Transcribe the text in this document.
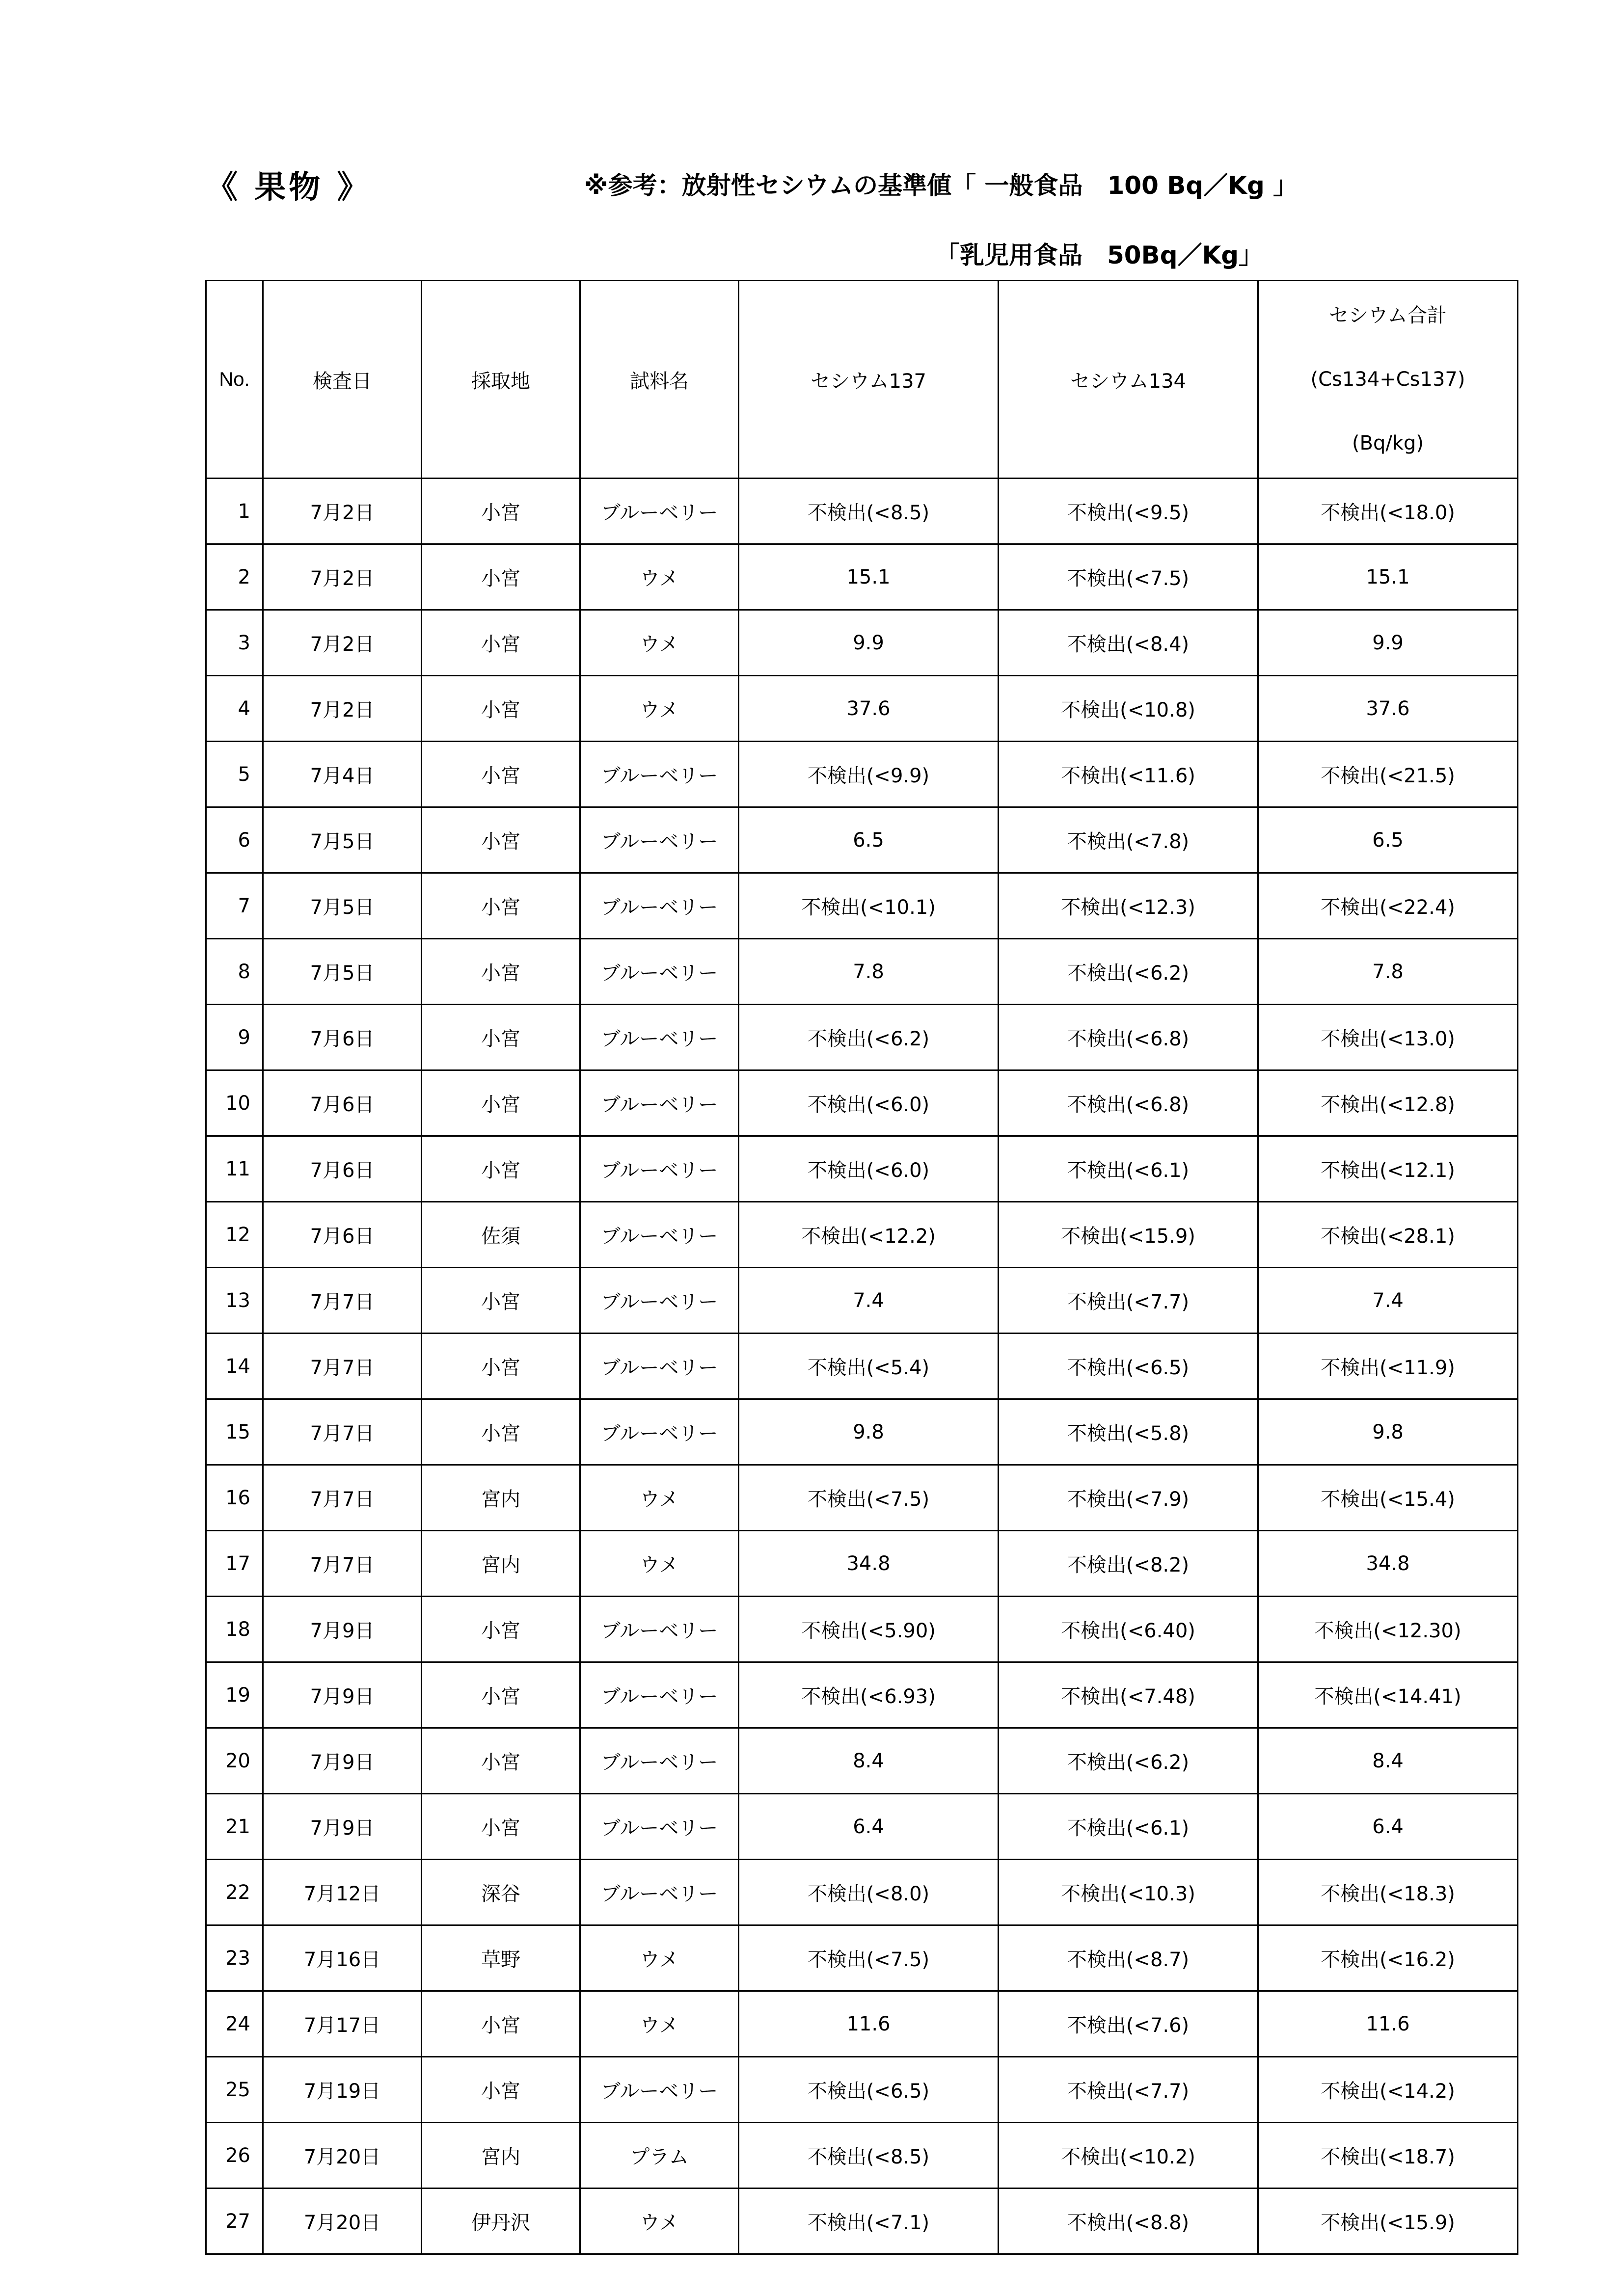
《 果物 》	※参考：放射性セシウムの基準値「 一般食品　100 Bq／Kg 」
「乳児用食品　50Bq／Kg」
No.	検査日	採取地	試料名	セシウム137	セシウム134	セシウム合計
(Cs134+Cs137)
(Bq/kg)

1	7月2日	小宮	ブルーベリー	不検出(<8.5)	不検出(<9.5)	不検出(<18.0)
2	7月2日	小宮	ウメ	15.1	不検出(<7.5)	15.1
3	7月2日	小宮	ウメ	9.9	不検出(<8.4)	9.9
4	7月2日	小宮	ウメ	37.6	不検出(<10.8)	37.6
5	7月4日	小宮	ブルーベリー	不検出(<9.9)	不検出(<11.6)	不検出(<21.5)
6	7月5日	小宮	ブルーベリー	6.5	不検出(<7.8)	6.5
7	7月5日	小宮	ブルーベリー	不検出(<10.1)	不検出(<12.3)	不検出(<22.4)
8	7月5日	小宮	ブルーベリー	7.8	不検出(<6.2)	7.8
9	7月6日	小宮	ブルーベリー	不検出(<6.2)	不検出(<6.8)	不検出(<13.0)
10	7月6日	小宮	ブルーベリー	不検出(<6.0)	不検出(<6.8)	不検出(<12.8)
11	7月6日	小宮	ブルーベリー	不検出(<6.0)	不検出(<6.1)	不検出(<12.1)
12	7月6日	佐須	ブルーベリー	不検出(<12.2)	不検出(<15.9)	不検出(<28.1)
13	7月7日	小宮	ブルーベリー	7.4	不検出(<7.7)	7.4
14	7月7日	小宮	ブルーベリー	不検出(<5.4)	不検出(<6.5)	不検出(<11.9)
15	7月7日	小宮	ブルーベリー	9.8	不検出(<5.8)	9.8
16	7月7日	宮内	ウメ	不検出(<7.5)	不検出(<7.9)	不検出(<15.4)
17	7月7日	宮内	ウメ	34.8	不検出(<8.2)	34.8
18	7月9日	小宮	ブルーベリー	不検出(<5.90)	不検出(<6.40)	不検出(<12.30)
19	7月9日	小宮	ブルーベリー	不検出(<6.93)	不検出(<7.48)	不検出(<14.41)
20	7月9日	小宮	ブルーベリー	8.4	不検出(<6.2)	8.4
21	7月9日	小宮	ブルーベリー	6.4	不検出(<6.1)	6.4
22	7月12日	深谷	ブルーベリー	不検出(<8.0)	不検出(<10.3)	不検出(<18.3)
23	7月16日	草野	ウメ	不検出(<7.5)	不検出(<8.7)	不検出(<16.2)
24	7月17日	小宮	ウメ	11.6	不検出(<7.6)	11.6
25	7月19日	小宮	ブルーベリー	不検出(<6.5)	不検出(<7.7)	不検出(<14.2)
26	7月20日	宮内	プラム	不検出(<8.5)	不検出(<10.2)	不検出(<18.7)
27	7月20日	伊丹沢	ウメ	不検出(<7.1)	不検出(<8.8)	不検出(<15.9)
